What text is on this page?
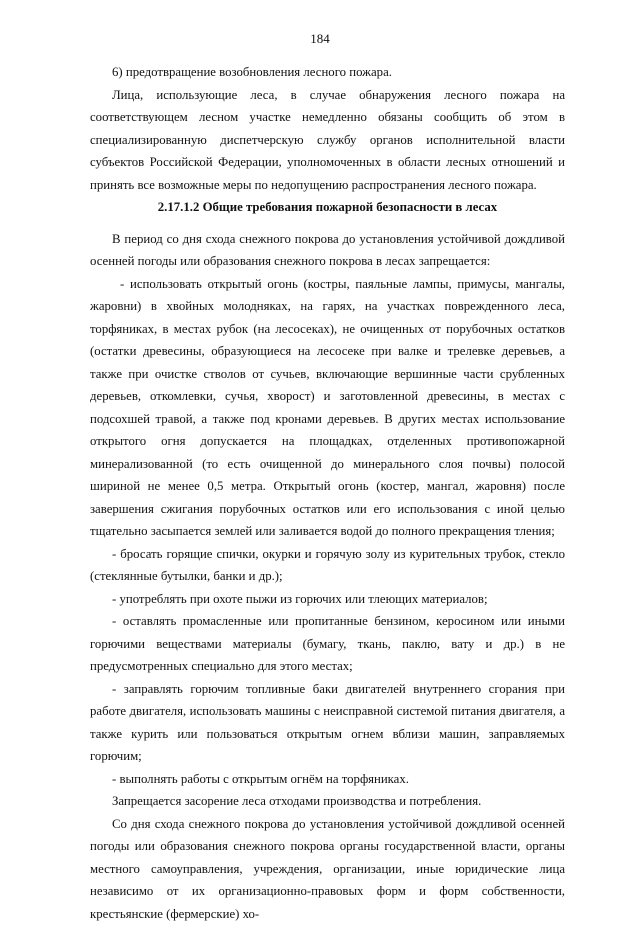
184

6) предотвращение возобновления лесного пожара.

Лица, использующие леса, в случае обнаружения лесного пожара на соответствующем лесном участке немедленно обязаны сообщить об этом в специализированную диспетчерскую службу органов исполнительной власти субъектов Российской Федерации, уполномоченных в области лесных отношений и принять все возможные меры по недопущению распространения лесного пожара.

2.17.1.2 Общие требования пожарной безопасности в лесах

В период со дня схода снежного покрова до установления устойчивой дождливой осенней погоды или образования снежного покрова в лесах запрещается:

- использовать открытый огонь (костры, паяльные лампы, примусы, мангалы, жаровни) в хвойных молодняках, на гарях, на участках поврежденного леса, торфяниках, в местах рубок (на лесосеках), не очищенных от порубочных остатков (остатки древесины, образующиеся на лесосеке при валке и трелевке деревьев, а также при очистке стволов от сучьев, включающие вершинные части срубленных деревьев, откомлевки, сучья, хворост) и заготовленной древесины, в местах с подсохшей травой, а также под кронами деревьев. В других местах использование открытого огня допускается на площадках, отделенных противопожарной минерализованной (то есть очищенной до минерального слоя почвы) полосой шириной не менее 0,5 метра. Открытый огонь (костер, мангал, жаровня) после завершения сжигания порубочных остатков или его использования с иной целью тщательно засыпается землей или заливается водой до полного прекращения тления;

- бросать горящие спички, окурки и горячую золу из курительных трубок, стекло (стеклянные бутылки, банки и др.);

- употреблять при охоте пыжи из горючих или тлеющих материалов;

- оставлять промасленные или пропитанные бензином, керосином или иными горючими веществами материалы (бумагу, ткань, паклю, вату и др.) в не предусмотренных специально для этого местах;

- заправлять горючим топливные баки двигателей внутреннего сгорания при работе двигателя, использовать машины с неисправной системой питания двигателя, а также курить или пользоваться открытым огнем вблизи машин, заправляемых горючим;

- выполнять работы с открытым огнём на торфяниках.

Запрещается засорение леса отходами производства и потребления.

Со дня схода снежного покрова до установления устойчивой дождливой осенней погоды или образования снежного покрова органы государственной власти, органы местного самоуправления, учреждения, организации, иные юридические лица независимо от их организационно-правовых форм и форм собственности, крестьянские (фермерские) хо-
